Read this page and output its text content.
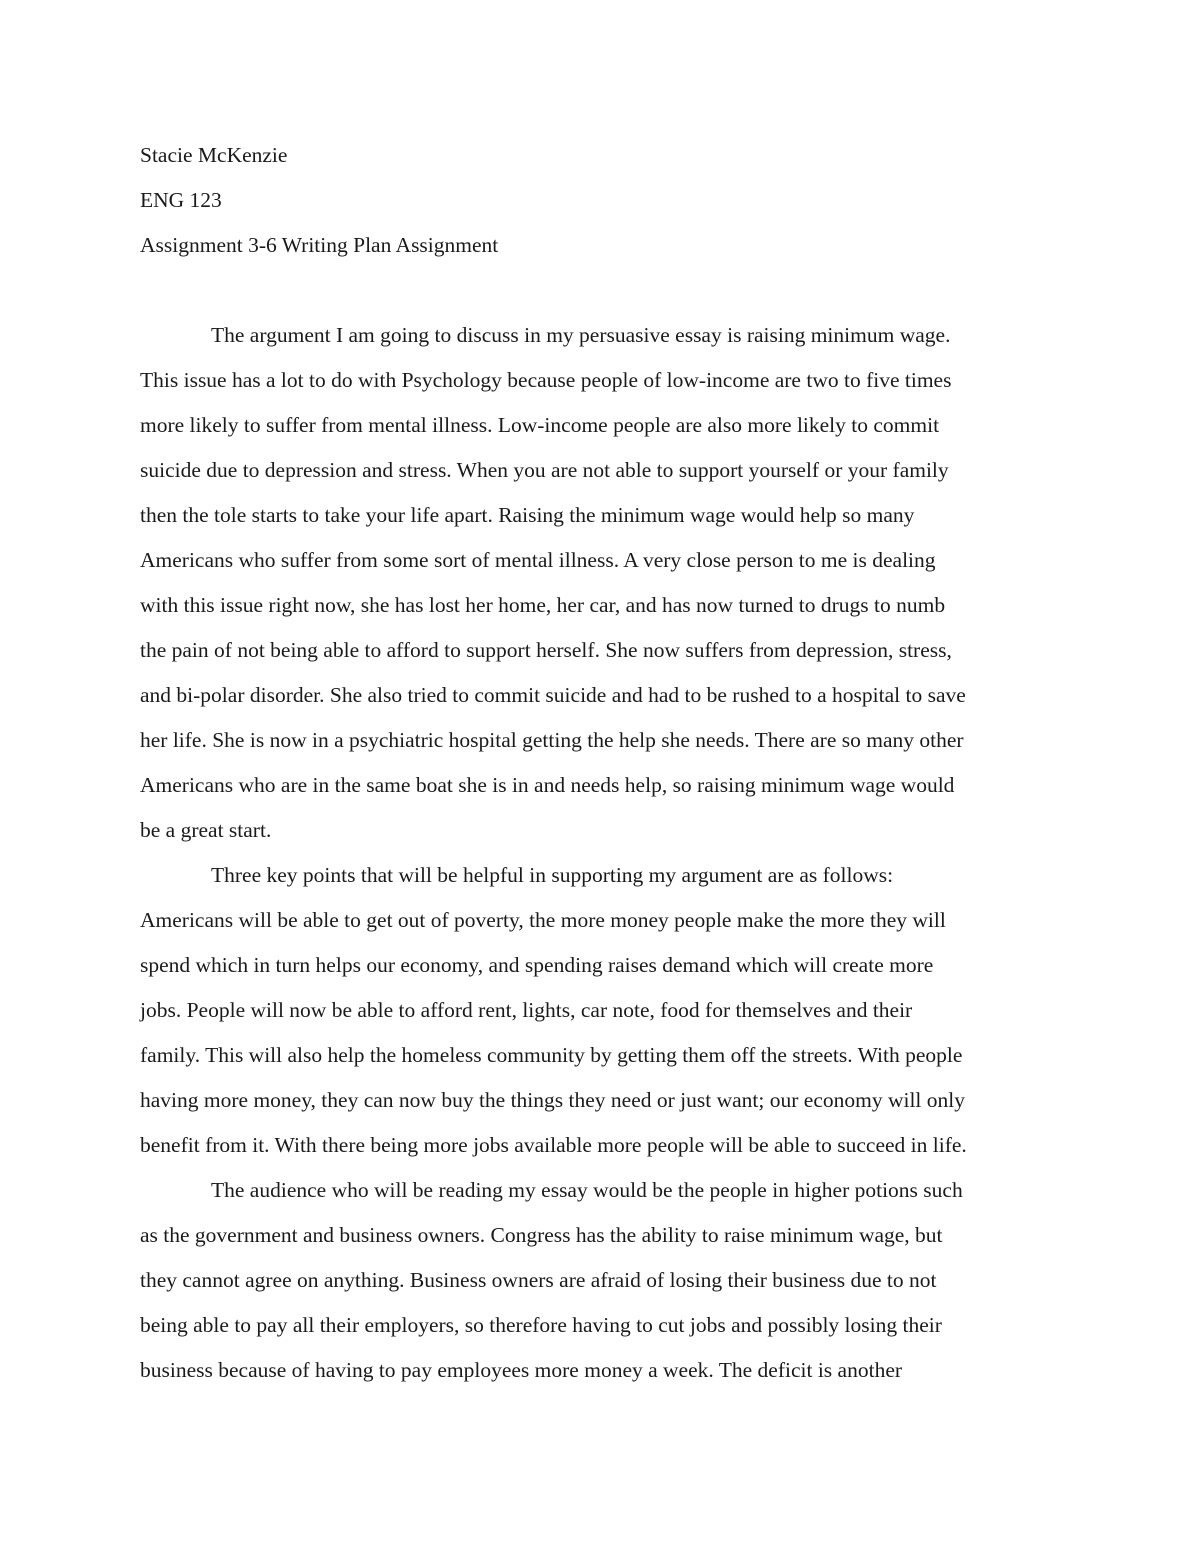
Stacie McKenzie
ENG 123
Assignment 3-6 Writing Plan Assignment
The argument I am going to discuss in my persuasive essay is raising minimum wage.
This issue has a lot to do with Psychology because people of low-income are two to five times
more likely to suffer from mental illness. Low-income people are also more likely to commit
suicide due to depression and stress. When you are not able to support yourself or your family
then the tole starts to take your life apart. Raising the minimum wage would help so many
Americans who suffer from some sort of mental illness. A very close person to me is dealing
with this issue right now, she has lost her home, her car, and has now turned to drugs to numb
the pain of not being able to afford to support herself. She now suffers from depression, stress,
and bi-polar disorder. She also tried to commit suicide and had to be rushed to a hospital to save
her life. She is now in a psychiatric hospital getting the help she needs. There are so many other
Americans who are in the same boat she is in and needs help, so raising minimum wage would
be a great start.
Three key points that will be helpful in supporting my argument are as follows:
Americans will be able to get out of poverty, the more money people make the more they will
spend which in turn helps our economy, and spending raises demand which will create more
jobs. People will now be able to afford rent, lights, car note, food for themselves and their
family. This will also help the homeless community by getting them off the streets. With people
having more money, they can now buy the things they need or just want; our economy will only
benefit from it. With there being more jobs available more people will be able to succeed in life.
The audience who will be reading my essay would be the people in higher potions such
as the government and business owners. Congress has the ability to raise minimum wage, but
they cannot agree on anything. Business owners are afraid of losing their business due to not
being able to pay all their employers, so therefore having to cut jobs and possibly losing their
business because of having to pay employees more money a week. The deficit is another
